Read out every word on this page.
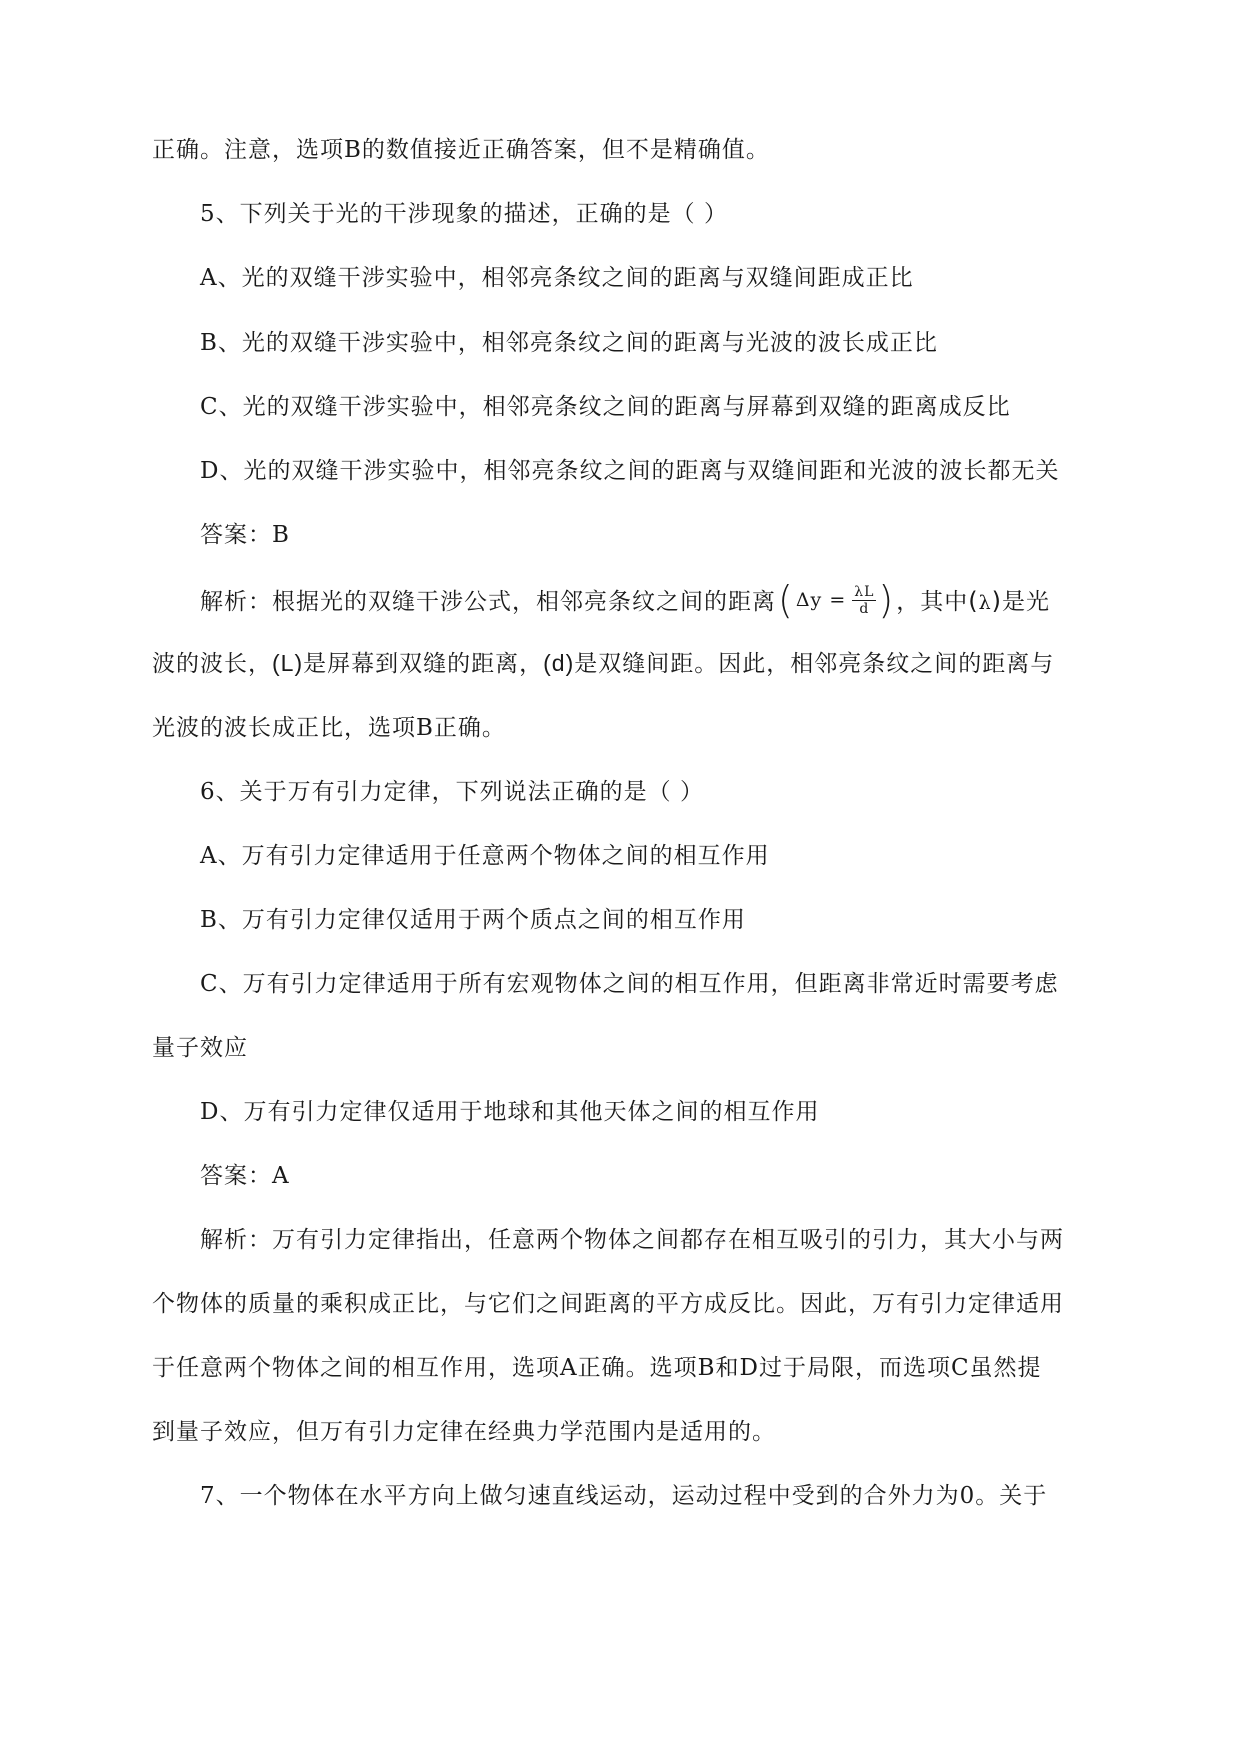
正确。注意，选项B的数值接近正确答案，但不是精确值。
5、下列关于光的干涉现象的描述，正确的是（ ）
A、光的双缝干涉实验中，相邻亮条纹之间的距离与双缝间距成正比
B、光的双缝干涉实验中，相邻亮条纹之间的距离与光波的波长成正比
C、光的双缝干涉实验中，相邻亮条纹之间的距离与屏幕到双缝的距离成反比
D、光的双缝干涉实验中，相邻亮条纹之间的距离与双缝间距和光波的波长都无关
答案：B
解析：根据光的双缝干涉公式，相邻亮条纹之间的距离 ( $\Delta y = \frac{\lambda L}{d}$ ) ，其中(λ)是光
波的波长，(L)是屏幕到双缝的距离，(d)是双缝间距。因此，相邻亮条纹之间的距离与
光波的波长成正比，选项B正确。
6、关于万有引力定律，下列说法正确的是（ ）
A、万有引力定律适用于任意两个物体之间的相互作用
B、万有引力定律仅适用于两个质点之间的相互作用
C、万有引力定律适用于所有宏观物体之间的相互作用，但距离非常近时需要考虑
量子效应
D、万有引力定律仅适用于地球和其他天体之间的相互作用
答案：A
解析：万有引力定律指出，任意两个物体之间都存在相互吸引的引力，其大小与两
个物体的质量的乘积成正比，与它们之间距离的平方成反比。因此，万有引力定律适用
于任意两个物体之间的相互作用，选项A正确。选项B和D过于局限，而选项C虽然提
到量子效应，但万有引力定律在经典力学范围内是适用的。
7、一个物体在水平方向上做匀速直线运动，运动过程中受到的合外力为0。关于
